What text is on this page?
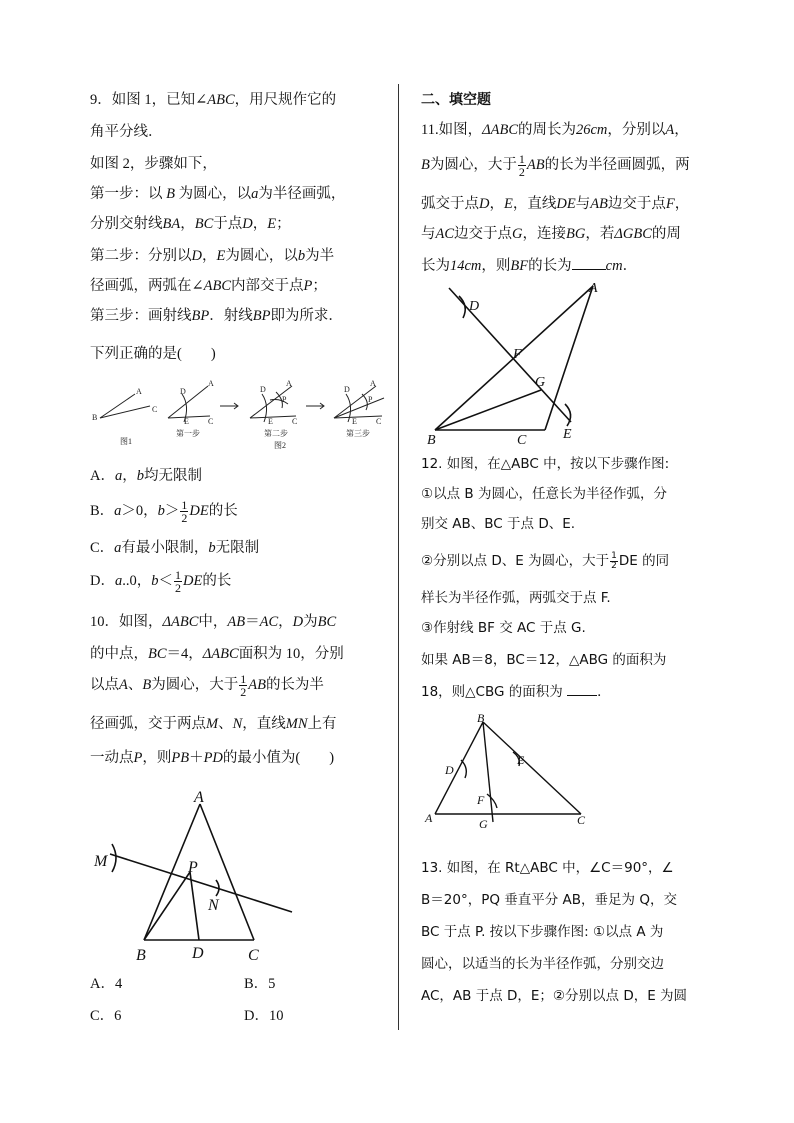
9．如图 1，已知∠ABC，用尺规作它的
角平分线．
如图 2，步骤如下，
第一步：以 B 为圆心，以a为半径画弧，
分别交射线BA，BC于点D，E；
第二步：分别以D，E为圆心，以b为半
径画弧，两弧在∠ABC内部交于点P；
第三步：画射线BP．射线BP即为所求．
下列正确的是(　　)
B
A
C
图1
D
A
E C
第一步
D
A
P
E C
第二步
图2
D
A
P
E C
第三步
A．a，b均无限制
B．a＞0，$b> \frac{1}{2}$ DE的长
C．a有最小限制，b无限制
D．a..0，$b< \frac{1}{2}$ DE的长
10．如图，ΔABC中，AB＝AC，D为BC
的中点，BC＝4，ΔABC面积为 10，分别
以点A、B为圆心，大于 $\frac{1}{2}$ AB的长为半
径画弧，交于两点M、N，直线MN上有
一动点P，则PB＋PD的最小值为(　　)
A
B	D	C
M	P
N
A．4	B．5
C．6	D．10
二、填空题
11.如图，ΔABC的周长为26cm，分别以A，
B为圆心，大于 $\frac{1}{2}$ AB的长为半径画圆弧，两
弧交于点D，E，直线DE与AB边交于点F，
与AC边交于点G，连接BG，若ΔGBC的周
长为14cm，则BF的长为 cm．
A
B	C
D
E
F
G
12. 如图，在△ABC 中，按以下步骤作图:
①以点 B 为圆心，任意长为半径作弧，分
别交 AB、BC 于点 D、E.
②分别以点 D、E 为圆心，大于 $\frac{1}{2}$ DE 的同
样长为半径作弧，两弧交于点 F.
③作射线 BF 交 AC 于点 G.
如果 AB＝8，BC＝12，△ABG 的面积为
18，则△CBG 的面积为 ．
B
A	C
D
E
F
G
13. 如图，在 Rt△ABC 中，∠C＝90°，∠
B＝20°，PQ 垂直平分 AB，垂足为 Q，交
BC 于点 P. 按以下步骤作图: ①以点 A 为
圆心，以适当的长为半径作弧，分别交边
AC，AB 于点 D，E；②分别以点 D，E 为圆
